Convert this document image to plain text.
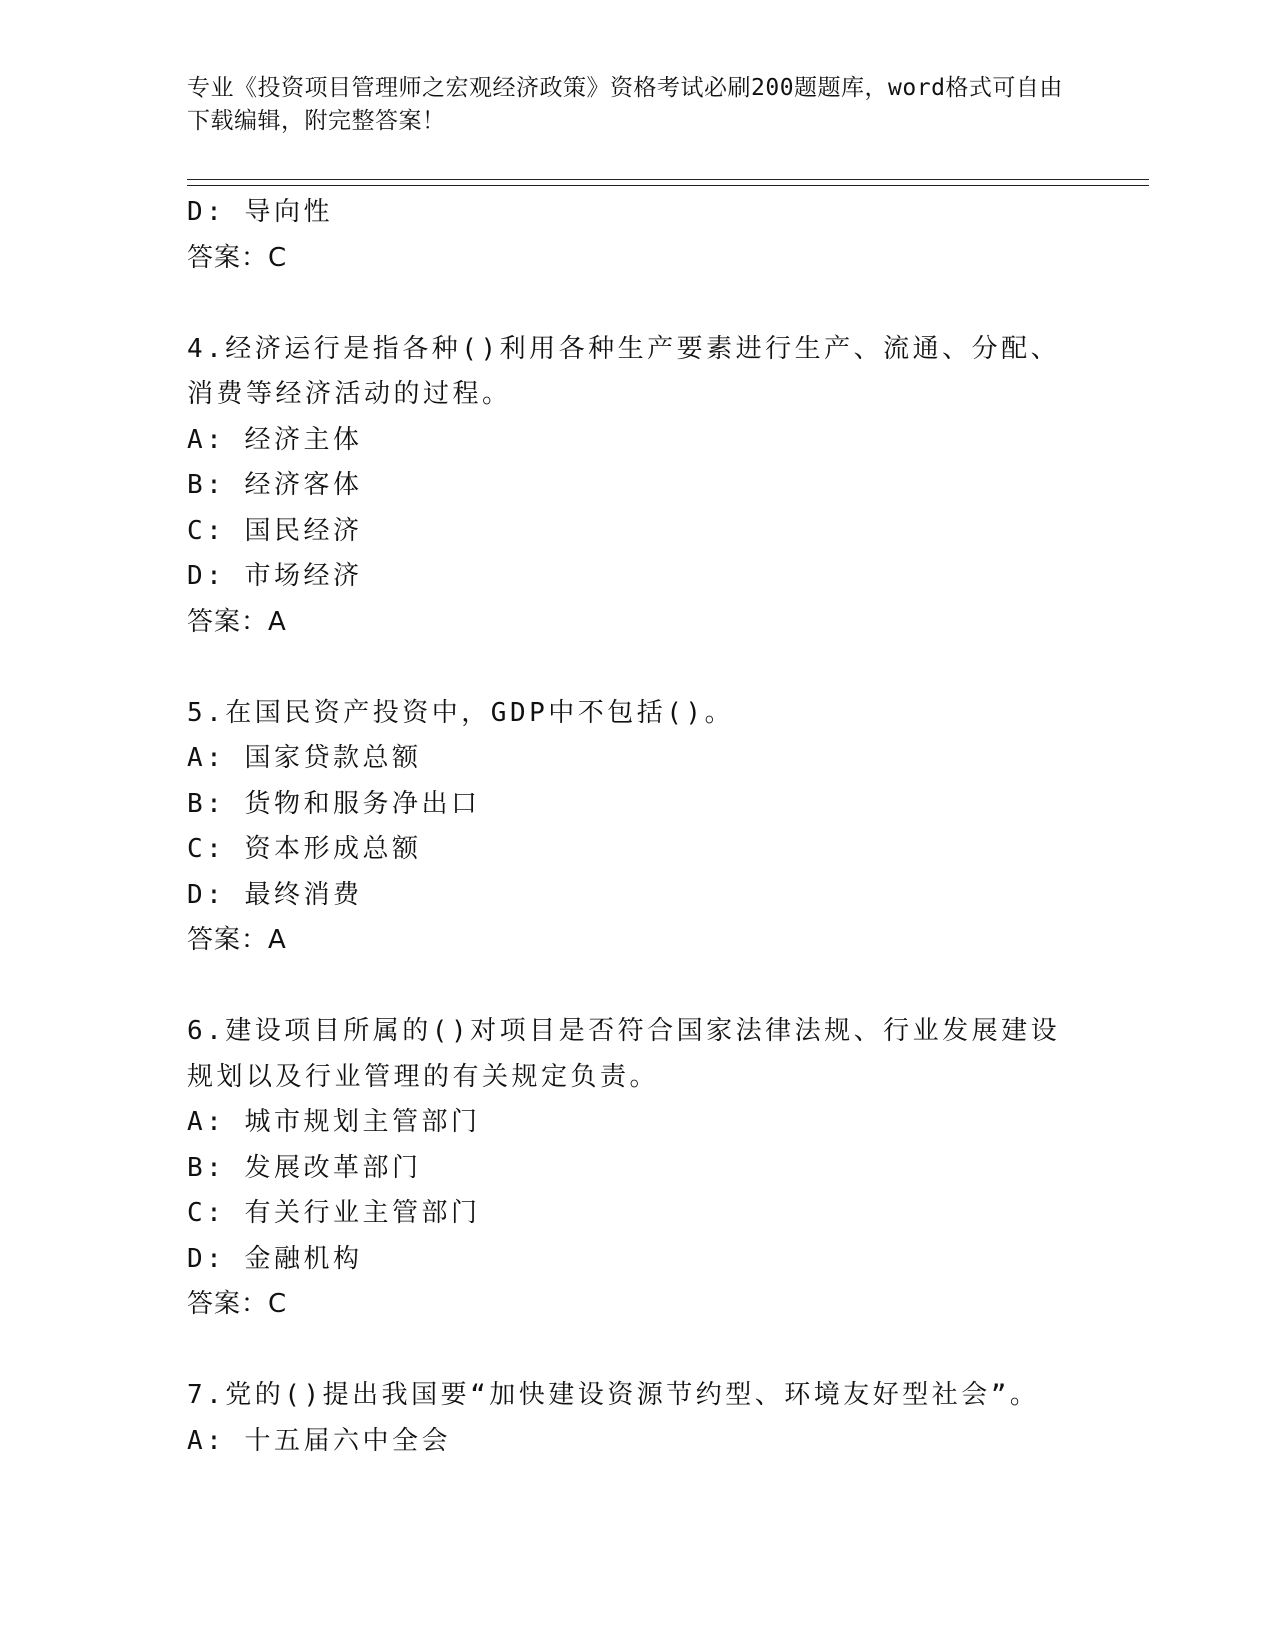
专业《投资项目管理师之宏观经济政策》资格考试必刷200题题库，word格式可自由下载编辑，附完整答案！
D: 导向性
答案：C
4.经济运行是指各种()利用各种生产要素进行生产、流通、分配、消费等经济活动的过程。
A: 经济主体
B: 经济客体
C: 国民经济
D: 市场经济
答案：A
5.在国民资产投资中，GDP中不包括()。
A: 国家贷款总额
B: 货物和服务净出口
C: 资本形成总额
D: 最终消费
答案：A
6.建设项目所属的()对项目是否符合国家法律法规、行业发展建设规划以及行业管理的有关规定负责。
A: 城市规划主管部门
B: 发展改革部门
C: 有关行业主管部门
D: 金融机构
答案：C
7.党的()提出我国要“加快建设资源节约型、环境友好型社会”。
A: 十五届六中全会
